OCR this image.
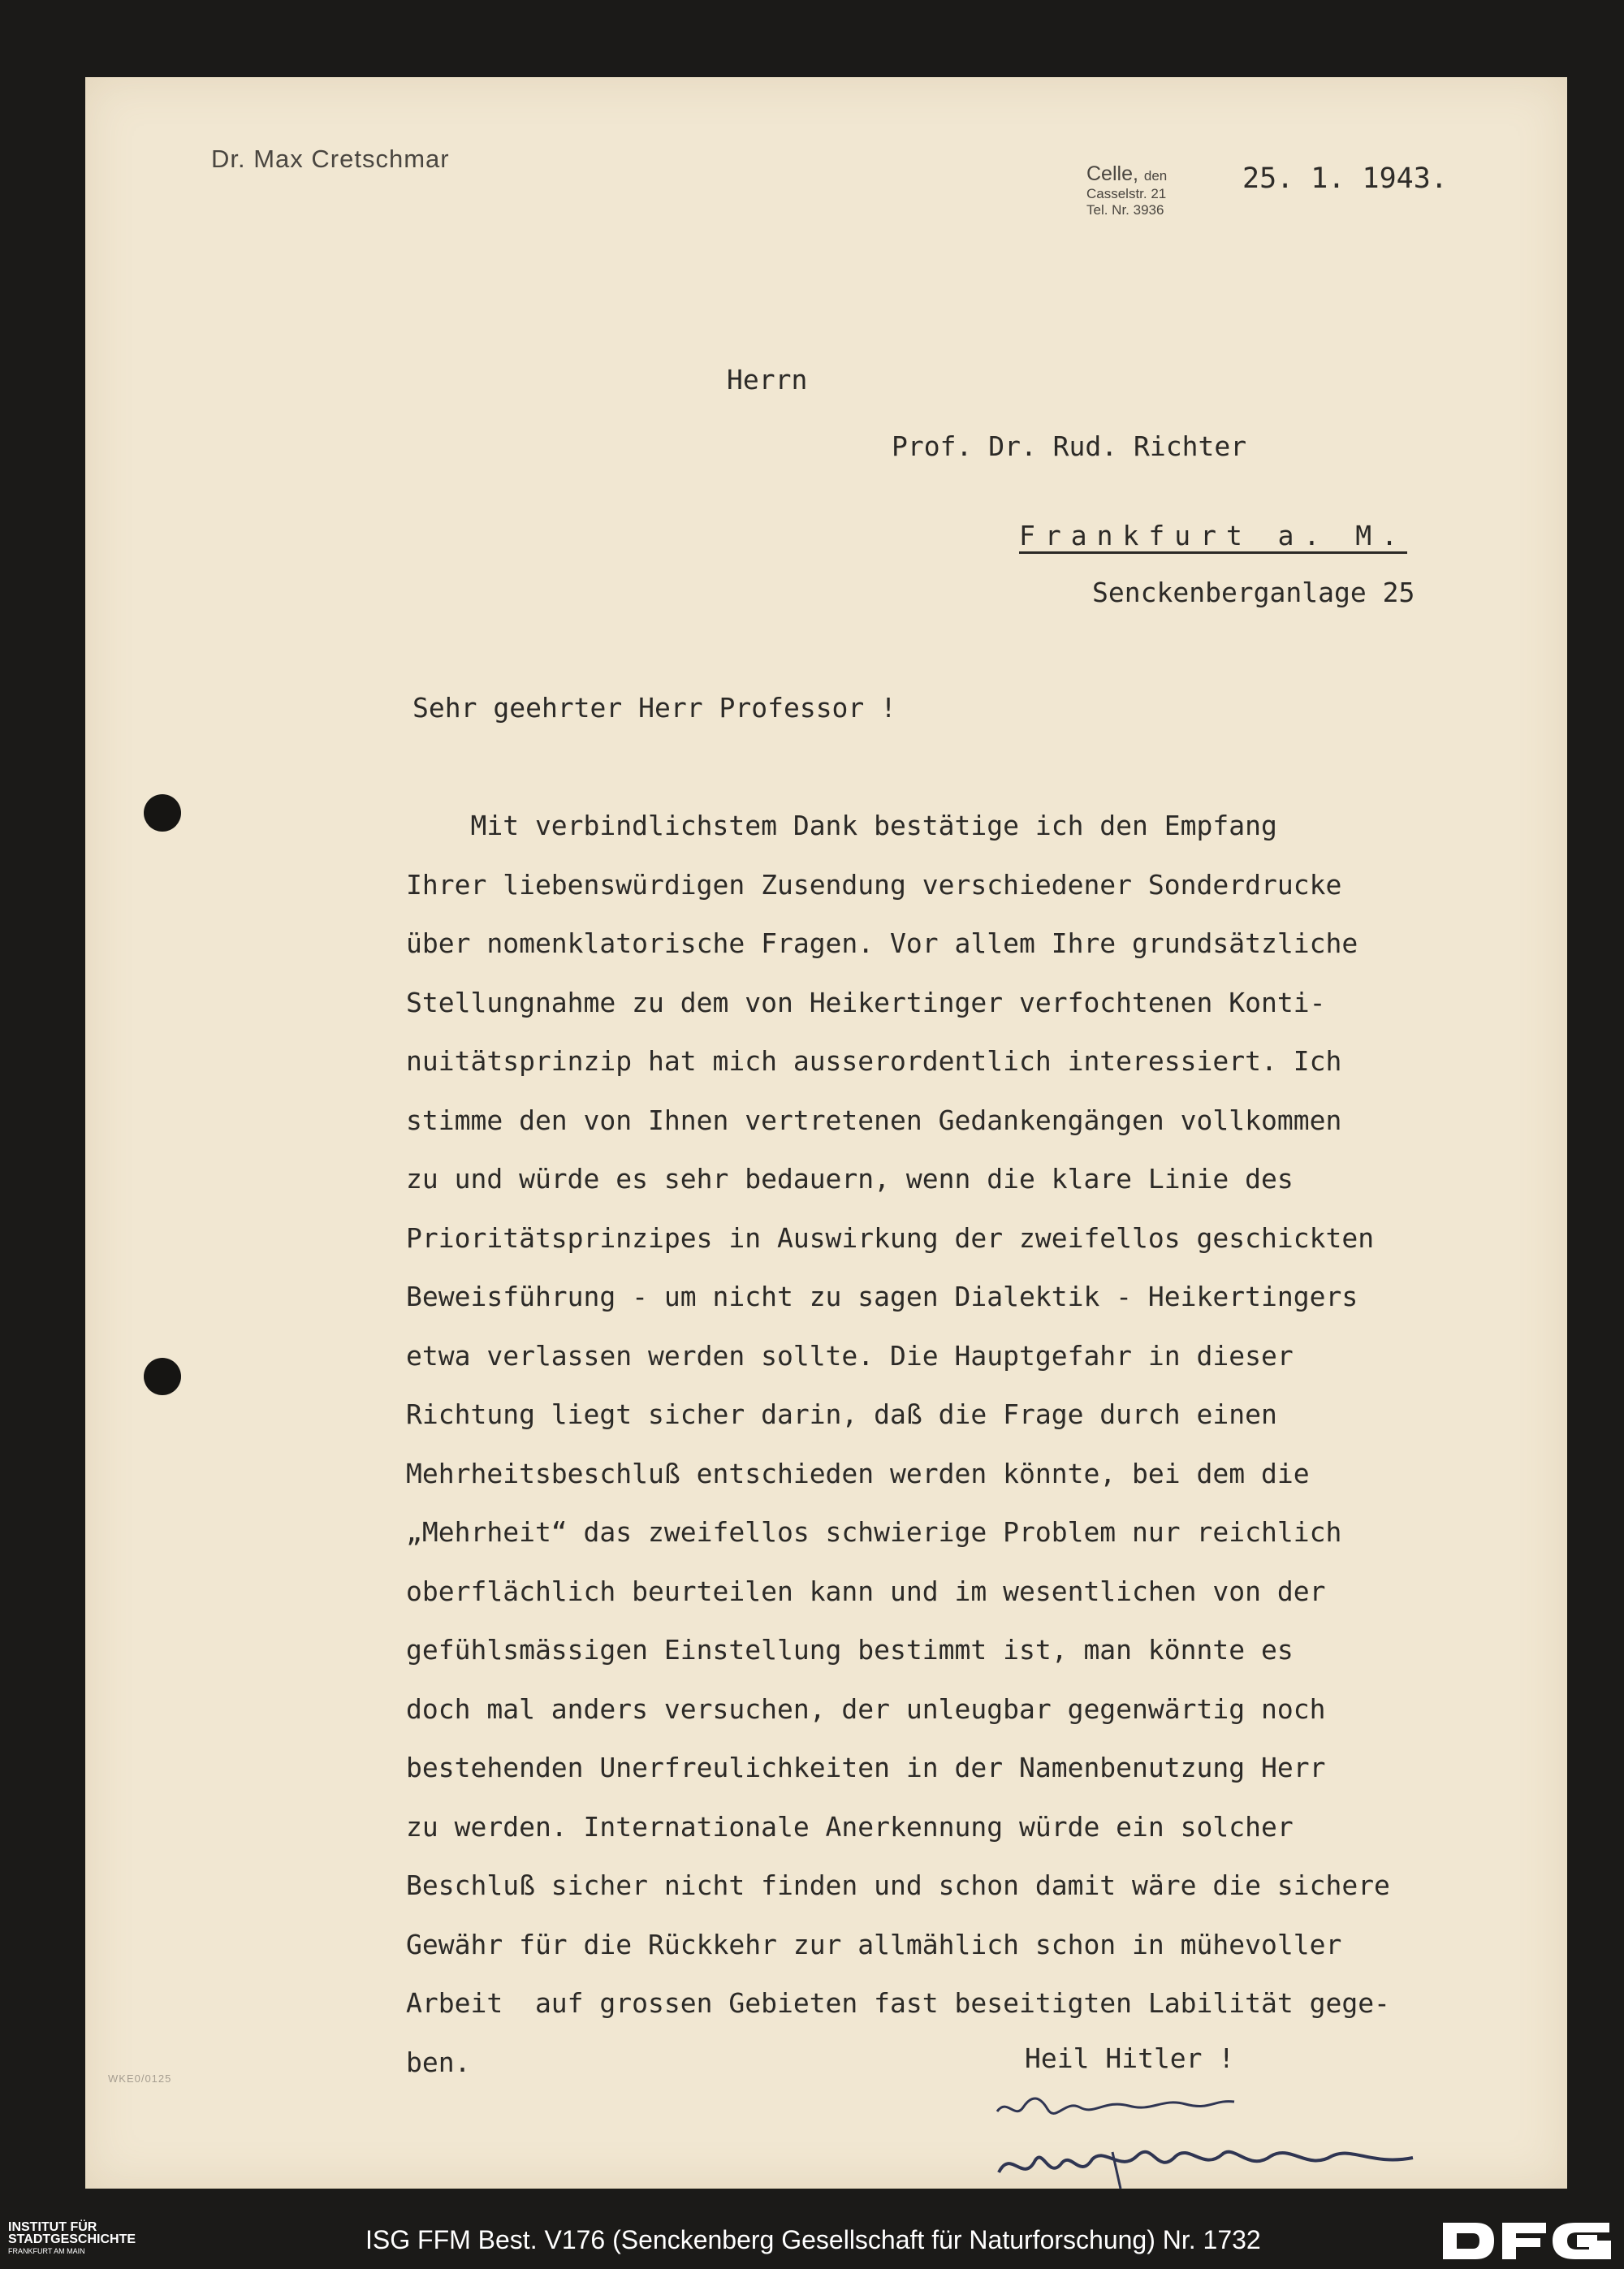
Dr. Max Cretschmar
Celle, den
Casselstr. 21
Tel. Nr. 3936
25. 1. 1943.
Herrn
Prof. Dr. Rud. Richter
Frankfurt a. M.
Senckenberganlage 25
Sehr geehrter Herr Professor !
Mit verbindlichstem Dank bestätige ich den Empfang
Ihrer liebenswürdigen Zusendung verschiedener Sonderdrucke
über nomenklatorische Fragen. Vor allem Ihre grundsätzliche
Stellungnahme zu dem von Heikertinger verfochtenen Konti-
nuitätsprinzip hat mich ausserordentlich interessiert. Ich
stimme den von Ihnen vertretenen Gedankengängen vollkommen
zu und würde es sehr bedauern, wenn die klare Linie des
Prioritätsprinzipes in Auswirkung der zweifellos geschickten
Beweisführung - um nicht zu sagen Dialektik - Heikertingers
etwa verlassen werden sollte. Die Hauptgefahr in dieser
Richtung liegt sicher darin, daß die Frage durch einen
Mehrheitsbeschluß entschieden werden könnte, bei dem die
„Mehrheit“ das zweifellos schwierige Problem nur reichlich
oberflächlich beurteilen kann und im wesentlichen von der
gefühlsmässigen Einstellung bestimmt ist, man könnte es
doch mal anders versuchen, der unleugbar gegenwärtig noch
bestehenden Unerfreulichkeiten in der Namenbenutzung Herr
zu werden. Internationale Anerkennung würde ein solcher
Beschluß sicher nicht finden und schon damit wäre die sichere
Gewähr für die Rückkehr zur allmählich schon in mühevoller
Arbeit  auf grossen Gebieten fast beseitigten Labilität gege-
ben.	Heil Hitler !
WKE0/0125
INSTITUT FÜR
STADTGESCHICHTE
FRANKFURT AM MAIN	ISG FFM Best. V176 (Senckenberg Gesellschaft für Naturforschung) Nr. 1732
